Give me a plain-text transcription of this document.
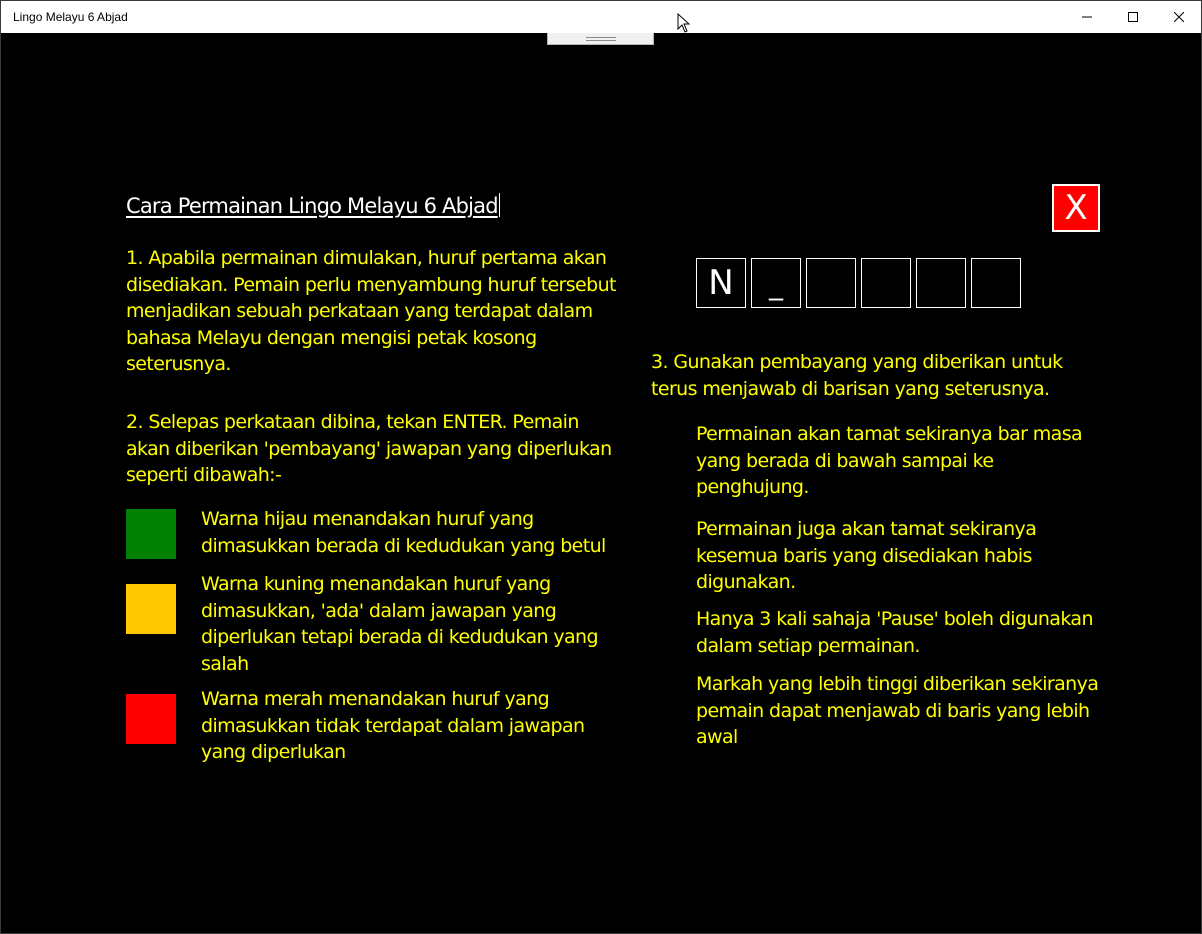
Lingo Melayu 6 Abjad
Cara Permainan Lingo Melayu 6 Abjad	X
1. Apabila permainan dimulakan, huruf pertama akan disediakan. Pemain perlu menyambung huruf tersebut menjadikan sebuah perkataan yang terdapat dalam bahasa Melayu dengan mengisi petak kosong seterusnya.
2. Selepas perkataan dibina, tekan ENTER. Pemain akan diberikan 'pembayang' jawapan yang diperlukan seperti dibawah:-
Warna hijau menandakan huruf yang dimasukkan berada di kedudukan yang betul
Warna kuning menandakan huruf yang dimasukkan, 'ada' dalam jawapan yang diperlukan tetapi berada di kedudukan yang salah
Warna merah menandakan huruf yang dimasukkan tidak terdapat dalam jawapan yang diperlukan
N	_
3. Gunakan pembayang yang diberikan untuk terus menjawab di barisan yang seterusnya.
Permainan akan tamat sekiranya bar masa yang berada di bawah sampai ke penghujung.
Permainan juga akan tamat sekiranya kesemua baris yang disediakan habis digunakan.
Hanya 3 kali sahaja 'Pause' boleh digunakan dalam setiap permainan.
Markah yang lebih tinggi diberikan sekiranya pemain dapat menjawab di baris yang lebih awal
